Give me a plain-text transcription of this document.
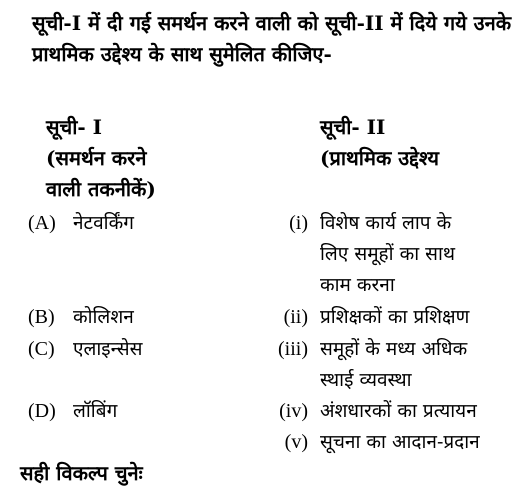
सूची-I में दी गई समर्थन करने वाली को सूची-II में दिये गये उनके प्राथमिक उद्देश्य के साथ सुमेलित कीजिए-
सूची- I
(समर्थन करने
वाली तकनीकें)
सूची- II
(प्राथमिक उद्देश्य
(A) नेटवर्किंग
(B) कोलिशन
(C) एलाइन्सेस
(D) लॉबिंग
(i) विशेष कार्य लाप के
लिए समूहों का साथ
काम करना
(ii) प्रशिक्षकों का प्रशिक्षण
(iii) समूहों के मध्य अधिक
स्थाई व्यवस्था
(iv) अंशधारकों का प्रत्यायन
(v) सूचना का आदान-प्रदान
सही विकल्प चुनेः
